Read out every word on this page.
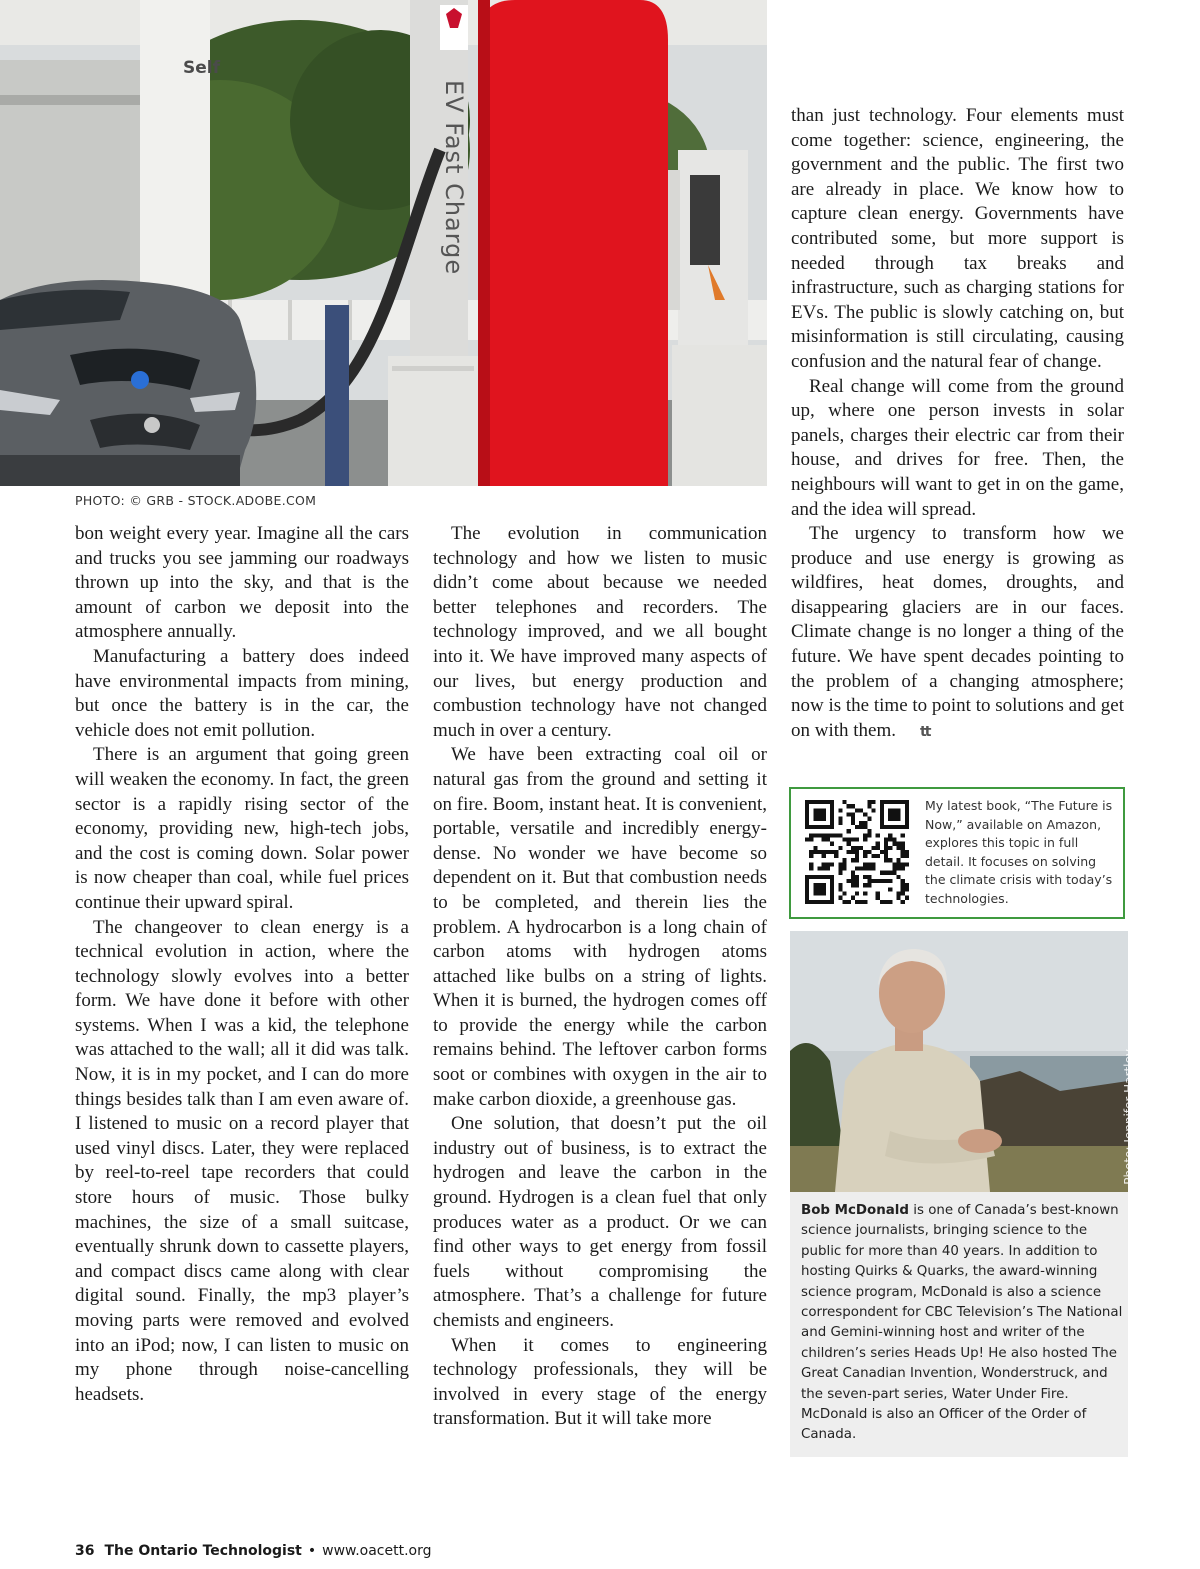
Self
EV Fast Charge
PHOTO: © GRB - STOCK.ADOBE.COM

bon weight every year. Imagine all the cars and trucks you see jamming our roadways thrown up into the sky, and that is the amount of carbon we deposit into the atmosphere annually.

Manufacturing a battery does indeed have environmental impacts from mining, but once the battery is in the car, the vehicle does not emit pollution.

There is an argument that going green will weaken the economy. In fact, the green sector is a rapidly rising sector of the economy, providing new, high-tech jobs, and the cost is coming down. Solar power is now cheaper than coal, while fuel prices continue their upward spiral.

The changeover to clean energy is a technical evolution in action, where the technology slowly evolves into a better form. We have done it before with other systems. When I was a kid, the telephone was attached to the wall; all it did was talk. Now, it is in my pocket, and I can do more things besides talk than I am even aware of. I listened to music on a record player that used vinyl discs. Later, they were replaced by reel-to-reel tape recorders that could store hours of music. Those bulky machines, the size of a small suitcase, eventually shrunk down to cassette players, and compact discs came along with clear digital sound. Finally, the mp3 player’s moving parts were removed and evolved into an iPod; now, I can listen to music on my phone through noise-cancelling headsets.

The evolution in communication technology and how we listen to music didn’t come about because we needed better telephones and recorders. The technology improved, and we all bought into it. We have improved many aspects of our lives, but energy production and combustion technology have not changed much in over a century.

We have been extracting coal oil or natural gas from the ground and setting it on fire. Boom, instant heat. It is convenient, portable, versatile and incredibly energy-dense. No wonder we have become so dependent on it. But that combustion needs to be completed, and therein lies the problem. A hydrocarbon is a long chain of carbon atoms with hydrogen atoms attached like bulbs on a string of lights. When it is burned, the hydrogen comes off to provide the energy while the carbon remains behind. The leftover carbon forms soot or combines with oxygen in the air to make carbon dioxide, a greenhouse gas.

One solution, that doesn’t put the oil industry out of business, is to extract the hydrogen and leave the carbon in the ground. Hydrogen is a clean fuel that only produces water as a product. Or we can find other ways to get energy from fossil fuels without compromising the atmosphere. That’s a challenge for future chemists and engineers.

When it comes to engineering technology professionals, they will be involved in every stage of the energy transformation. But it will take more

than just technology. Four elements must come together: science, engineering, the government and the public. The first two are already in place. We know how to capture clean energy. Governments have contributed some, but more support is needed through tax breaks and infrastructure, such as charging stations for EVs. The public is slowly catching on, but misinformation is still circulating, causing confusion and the natural fear of change.

Real change will come from the ground up, where one person invests in solar panels, charges their electric car from their house, and drives for free. Then, the neighbours will want to get in on the game, and the idea will spread.

The urgency to transform how we produce and use energy is growing as wildfires, heat domes, droughts, and disappearing glaciers are in our faces. Climate change is no longer a thing of the future. We have spent decades pointing to the problem of a changing atmosphere; now is the time to point to solutions and get on with them. tt

My latest book, “The Future is Now,” available on Amazon, explores this topic in full detail. It focuses on solving the climate crisis with today’s technologies.
Photo: Jennifer Hartley
Bob McDonald is one of Canada’s best-known science journalists, bringing science to the public for more than 40 years. In addition to hosting Quirks & Quarks, the award-winning science program, McDonald is also a science correspondent for CBC Television’s The National and Gemini-winning host and writer of the children’s series Heads Up! He also hosted The Great Canadian Invention, Wonderstruck, and the seven-part series, Water Under Fire. McDonald is also an Officer of the Order of Canada.
36 The Ontario Technologist • www.oacett.org
